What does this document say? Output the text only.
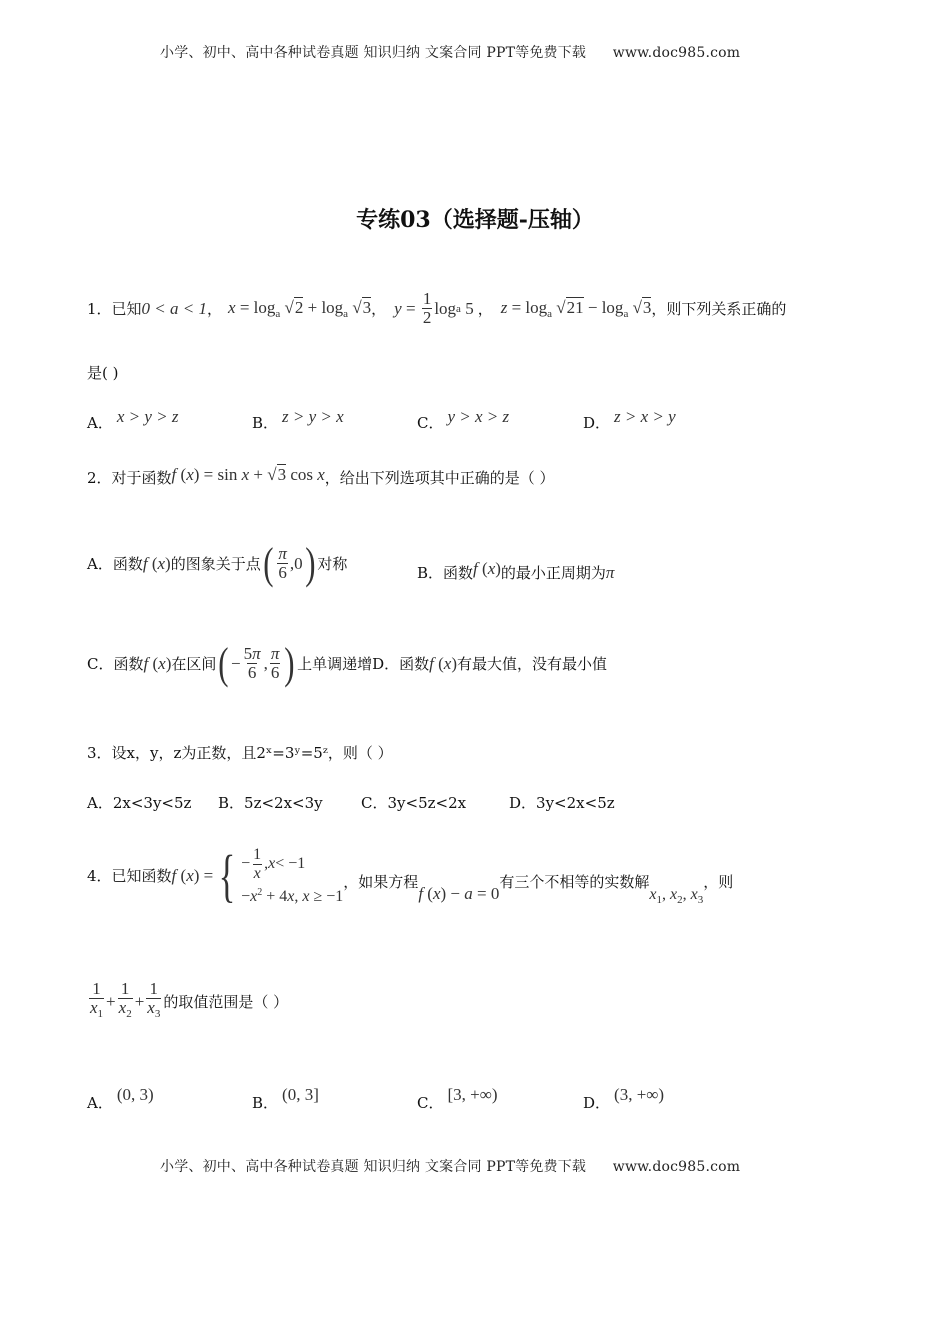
小学、初中、高中各种试卷真题 知识归纳 文案合同 PPT等免费下载 www.doc985.com
专练03（选择题-压轴）
1．已知 0 < a < 1 ， $x = \log_a √2 + \log_a √3$ ， $y = \frac{1}{2}$ log a 5 ， $z = \log_a √21 - \log_a √3$ ，则下列关系正确的
是( )
A． x > y > z	B． z > y > x	C． y > x > z	D． z > x > y
2．对于函数 f (x) = sin x + √3 cos x ，给出下列选项其中正确的是（ ）
A．函数 f (x) 的图象关于点 ( $\frac{\pi}{6} ,0$ ) 对称	B．函数 f (x) 的最小正周期为 π
C．函数 f (x) 在区间 ( − $\frac{5\pi}{6}$ , $\frac{\pi}{6}$ ) 上单调递增 D．函数 f (x) 有最大值，没有最小值
3．设x，y，z为正数，且2ˣ=3ʸ=5ᶻ，则（ ）
A．2x<3y<5z B．5z<2x<3y	C．3y<5z<2x	D．3y<2x<5z
4．已知函数 f (x) = { − $\frac{1}{x}$ , x < −1
$-x^2 + 4x$, x ≥ −1
，如果方程
f (x) − a = 0
有三个不相等的实数解
$x_1$, $x_2$, $x_3$
，则
$\frac{1}{x_1} + \frac{1}{x_2} + \frac{1}{x_3}$ 的取值范围是（ ）
A． (0, 3)	B． (0, 3]	C． [3, +∞)	D． (3, +∞)
小学、初中、高中各种试卷真题 知识归纳 文案合同 PPT等免费下载 www.doc985.com
